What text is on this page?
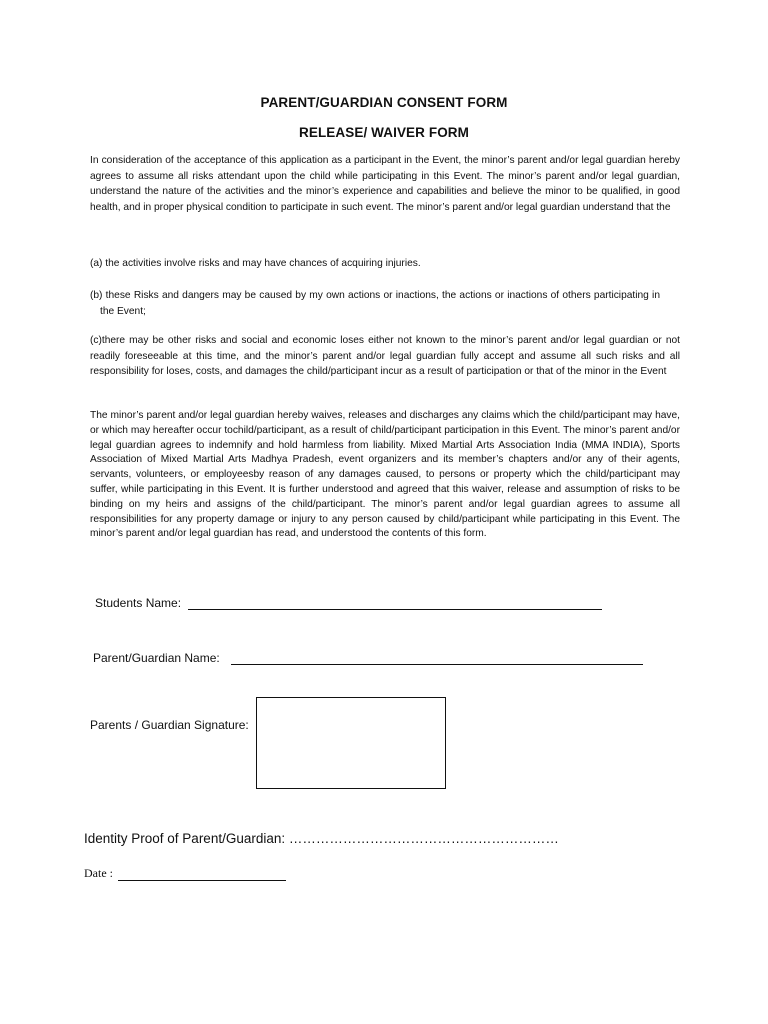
PARENT/GUARDIAN CONSENT FORM
RELEASE/ WAIVER FORM

In consideration of the acceptance of this application as a participant in the Event, the minor’s parent and/or legal guardian hereby agrees to assume all risks attendant upon the child while participating in this Event. The minor’s parent and/or legal guardian, understand the nature of the activities and the minor’s experience and capabilities and believe the minor to be qualified, in good health, and in proper physical condition to participate in such event. The minor’s parent and/or legal guardian understand that the

(a) the activities involve risks and may have chances of acquiring injuries.

(b) these Risks and dangers may be caused by my own actions or inactions, the actions or inactions of others participating in the Event;

(c)there may be other risks and social and economic loses either not known to the minor’s parent and/or legal guardian or not readily foreseeable at this time, and the minor’s parent and/or legal guardian fully accept and assume all such risks and all responsibility for loses, costs, and damages the child/participant incur as a result of participation or that of the minor in the Event

The minor’s parent and/or legal guardian hereby waives, releases and discharges any claims which the child/participant may have, or which may hereafter occur tochild/participant, as a result of child/participant participation in this Event. The minor’s parent and/or legal guardian agrees to indemnify and hold harmless from liability. Mixed Martial Arts Association India (MMA INDIA), Sports Association of Mixed Martial Arts Madhya Pradesh, event organizers and its member’s chapters and/or any of their agents, servants, volunteers, or employeesby reason of any damages caused, to persons or property which the child/participant may suffer, while participating in this Event. It is further understood and agreed that this waiver, release and assumption of risks to be binding on my heirs and assigns of the child/participant. The minor’s parent and/or legal guardian agrees to assume all responsibilities for any property damage or injury to any person caused by child/participant while participating in this Event. The minor’s parent and/or legal guardian has read, and understood the contents of this form.

Students Name:
Parent/Guardian Name:
Parents / Guardian Signature:
Identity Proof of Parent/Guardian: ……………………………………………………
Date :
